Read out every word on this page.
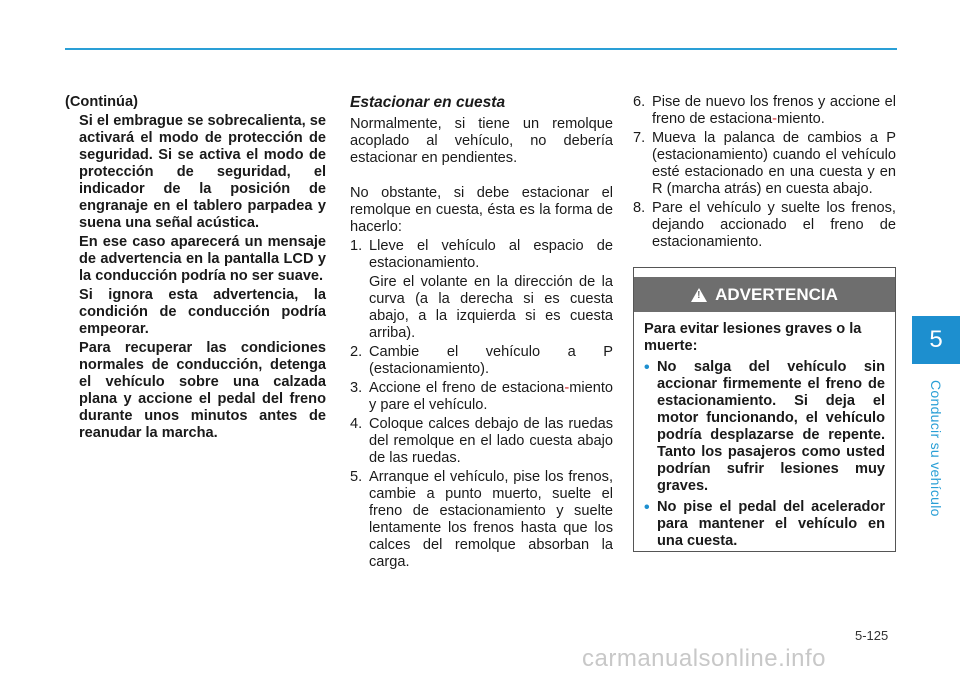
5
Conducir su vehículo
(Continúa)

Si el embrague se sobrecalienta, se activará el modo de protección de seguridad. Si se activa el modo de protección de seguridad, el indicador de la posición de engranaje en el tablero parpadea y suena una señal acústica.

En ese caso aparecerá un mensaje de advertencia en la pantalla LCD y la conducción podría no ser suave.

Si ignora esta advertencia, la condición de conducción podría empeorar.

Para recuperar las condiciones normales de conducción, detenga el vehículo sobre una calzada plana y accione el pedal del freno durante unos minutos antes de reanudar la marcha.

Estacionar en cuesta

Normalmente, si tiene un remolque acoplado al vehículo, no debería estacionar en pendientes.

No obstante, si debe estacionar el remolque en cuesta, ésta es la forma de hacerlo:

1. Lleve el vehículo al espacio de estacionamiento.

Gire el volante en la dirección de la curva (a la derecha si es cuesta abajo, a la izquierda si es cuesta arriba).

2. Cambie el vehículo a P (estacionamiento).
3. Accione el freno de estaciona-miento y pare el vehículo.
4. Coloque calces debajo de las ruedas del remolque en el lado cuesta abajo de las ruedas.
5. Arranque el vehículo, pise los frenos, cambie a punto muerto, suelte el freno de estacionamiento y suelte lentamente los frenos hasta que los calces del remolque absorban la carga.
6. Pise de nuevo los frenos y accione el freno de estaciona-miento.
7. Mueva la palanca de cambios a P (estacionamiento) cuando el vehículo esté estacionado en una cuesta y en R (marcha atrás) en cuesta abajo.
8. Pare el vehículo y suelte los frenos, dejando accionado el freno de estacionamiento.
! ADVERTENCIA
Para evitar lesiones graves o la muerte:
• No salga del vehículo sin accionar firmemente el freno de estacionamiento. Si deja el motor funcionando, el vehículo podría desplazarse de repente. Tanto los pasajeros como usted podrían sufrir lesiones muy graves.
• No pise el pedal del acelerador para mantener el vehículo en una cuesta.
5-125
carmanualsonline.info
